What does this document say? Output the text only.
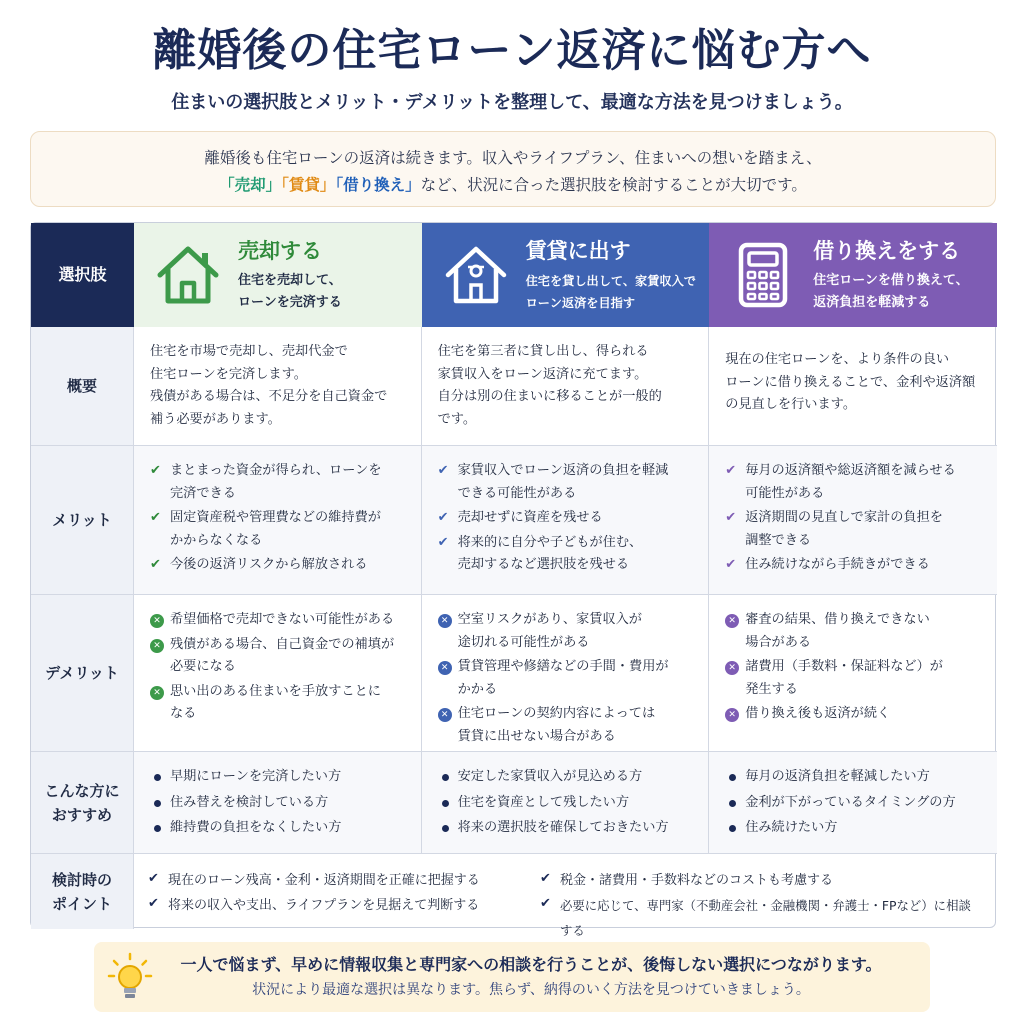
離婚後の住宅ローン返済に悩む方へ
住まいの選択肢とメリット・デメリットを整理して、最適な方法を見つけましょう。
離婚後も住宅ローンの返済は続きます。収入やライフプラン、住まいへの想いを踏まえ、
「売却」「賃貸」「借り換え」など、状況に合った選択肢を検討することが大切です。
選択肢
売却する
住宅を売却して、
ローンを完済する
賃貸に出す
住宅を貸し出して、家賃収入で
ローン返済を目指す
借り換えをする
住宅ローンを借り換えて、
返済負担を軽減する
概要
住宅を市場で売却し、売却代金で
住宅ローンを完済します。
残債がある場合は、不足分を自己資金で
補う必要があります。
住宅を第三者に貸し出し、得られる
家賃収入をローン返済に充てます。
自分は別の住まいに移ることが一般的
です。
現在の住宅ローンを、より条件の良い
ローンに借り換えることで、金利や返済額
の見直しを行います。
メリット
✔ まとまった資金が得られ、ローンを
完済できる
✔ 固定資産税や管理費などの維持費が
かからなくなる
✔ 今後の返済リスクから解放される
✔ 家賃収入でローン返済の負担を軽減
できる可能性がある
✔ 売却せずに資産を残せる
✔ 将来的に自分や子どもが住む、
売却するなど選択肢を残せる
✔ 毎月の返済額や総返済額を減らせる
可能性がある
✔ 返済期間の見直しで家計の負担を
調整できる
✔ 住み続けながら手続きができる
デメリット
✕ 希望価格で売却できない可能性がある
✕ 残債がある場合、自己資金での補填が
必要になる
✕ 思い出のある住まいを手放すことに
なる
✕ 空室リスクがあり、家賃収入が
途切れる可能性がある
✕ 賃貸管理や修繕などの手間・費用が
かかる
✕ 住宅ローンの契約内容によっては
賃貸に出せない場合がある
✕ 審査の結果、借り換えできない
場合がある
✕ 諸費用（手数料・保証料など）が
発生する
✕ 借り換え後も返済が続く
こんな方に
おすすめ
早期にローンを完済したい方
住み替えを検討している方
維持費の負担をなくしたい方
安定した家賃収入が見込める方
住宅を資産として残したい方
将来の選択肢を確保しておきたい方
毎月の返済負担を軽減したい方
金利が下がっているタイミングの方
住み続けたい方
検討時の
ポイント
✔ 現在のローン残高・金利・返済期間を正確に把握する	✔ 税金・諸費用・手数料などのコストも考慮する
✔ 将来の収入や支出、ライフプランを見据えて判断する	✔ 必要に応じて、専門家（不動産会社・金融機関・弁護士・FPなど）に相談する
一人で悩まず、早めに情報収集と専門家への相談を行うことが、後悔しない選択につながります。
状況により最適な選択は異なります。焦らず、納得のいく方法を見つけていきましょう。
